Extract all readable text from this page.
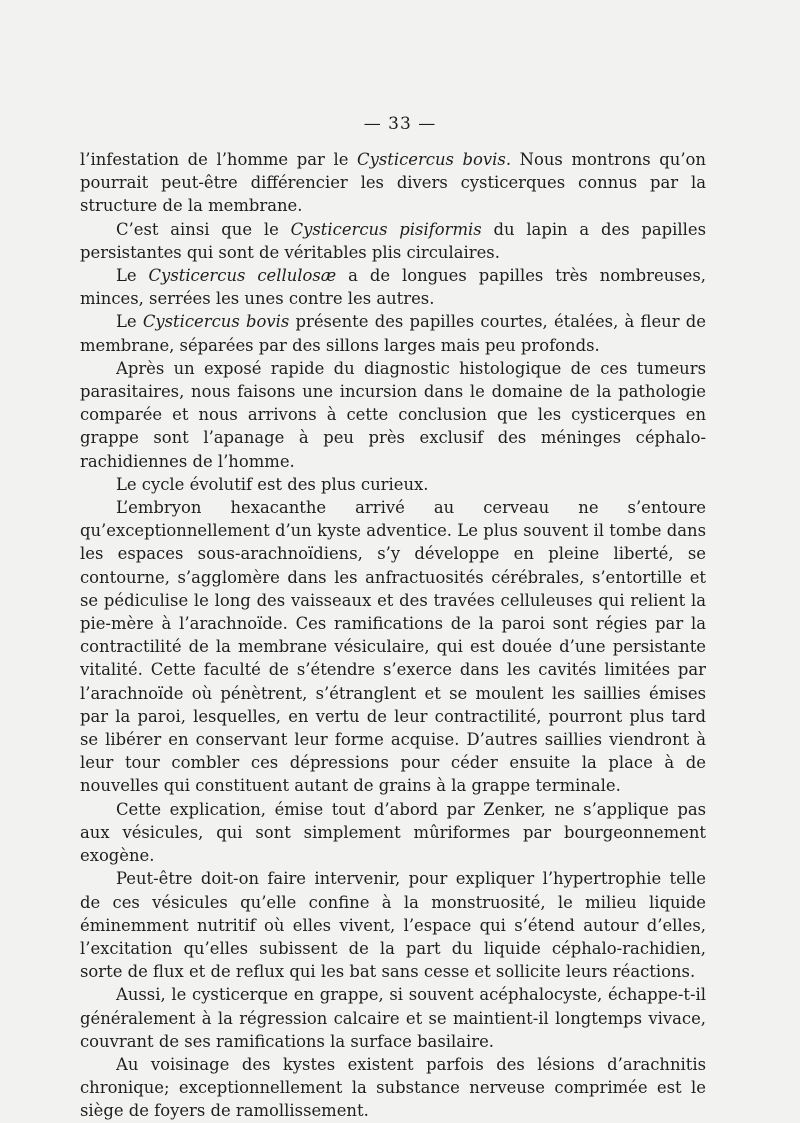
— 33 —

l’infestation de l’homme par le Cysticercus bovis. Nous montrons qu’on pourrait peut-être différencier les divers cysticerques connus par la structure de la membrane.

C’est ainsi que le Cysticercus pisiformis du lapin a des papilles persistantes qui sont de véritables plis circulaires.

Le Cysticercus cellulosæ a de longues papilles très nombreuses, minces, serrées les unes contre les autres.

Le Cysticercus bovis présente des papilles courtes, étalées, à fleur de membrane, séparées par des sillons larges mais peu profonds.

Après un exposé rapide du diagnostic histologique de ces tumeurs parasitaires, nous faisons une incursion dans le domaine de la pathologie comparée et nous arrivons à cette conclusion que les cysticerques en grappe sont l’apanage à peu près exclusif des méninges céphalo-rachidiennes de l’homme.

Le cycle évolutif est des plus curieux.

L’embryon hexacanthe arrivé au cerveau ne s’entoure qu’exceptionnellement d’un kyste adventice. Le plus souvent il tombe dans les espaces sous-arachnoïdiens, s’y développe en pleine liberté, se contourne, s’agglomère dans les anfractuosités cérébrales, s’entortille et se pédiculise le long des vaisseaux et des travées celluleuses qui relient la pie-mère à l’arachnoïde. Ces ramifications de la paroi sont régies par la contractilité de la membrane vésiculaire, qui est douée d’une persistante vitalité. Cette faculté de s’étendre s’exerce dans les cavités limitées par l’arachnoïde où pénètrent, s’étranglent et se moulent les saillies émises par la paroi, lesquelles, en vertu de leur contractilité, pourront plus tard se libérer en conservant leur forme acquise. D’autres saillies viendront à leur tour combler ces dépressions pour céder ensuite la place à de nouvelles qui constituent autant de grains à la grappe terminale.

Cette explication, émise tout d’abord par Zenker, ne s’applique pas aux vésicules, qui sont simplement mûriformes par bourgeonnement exogène.

Peut-être doit-on faire intervenir, pour expliquer l’hypertrophie telle de ces vésicules qu’elle confine à la monstruosité, le milieu liquide éminemment nutritif où elles vivent, l’espace qui s’étend autour d’elles, l’excitation qu’elles subissent de la part du liquide céphalo-rachidien, sorte de flux et de reflux qui les bat sans cesse et sollicite leurs réactions.

Aussi, le cysticerque en grappe, si souvent acéphalocyste, échappe-t-il généralement à la régression calcaire et se maintient-il longtemps vivace, couvrant de ses ramifications la surface basilaire.

Au voisinage des kystes existent parfois des lésions d’arachnitis chronique; exceptionnellement la substance nerveuse comprimée est le siège de foyers de ramollissement.
